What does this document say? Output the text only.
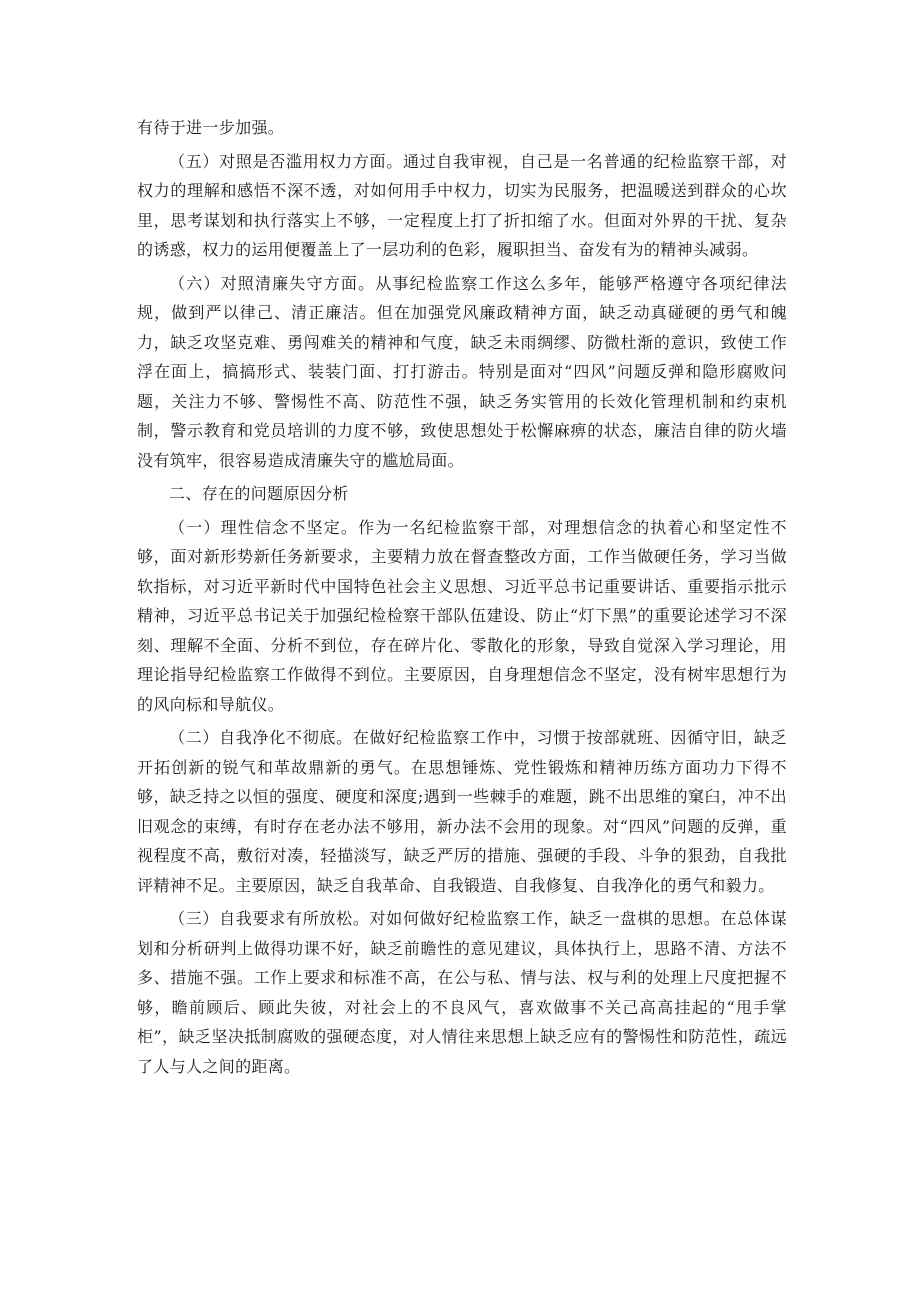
有待于进一步加强。

（五）对照是否滥用权力方面。通过自我审视，自己是一名普通的纪检监察干部，对权力的理解和感悟不深不透，对如何用手中权力，切实为民服务，把温暖送到群众的心坎里，思考谋划和执行落实上不够，一定程度上打了折扣缩了水。但面对外界的干扰、复杂的诱惑，权力的运用便覆盖上了一层功利的色彩，履职担当、奋发有为的精神头减弱。

（六）对照清廉失守方面。从事纪检监察工作这么多年，能够严格遵守各项纪律法规，做到严以律己、清正廉洁。但在加强党风廉政精神方面，缺乏动真碰硬的勇气和魄力，缺乏攻坚克难、勇闯难关的精神和气度，缺乏未雨绸缪、防微杜渐的意识，致使工作浮在面上，搞搞形式、装装门面、打打游击。特别是面对“四风”问题反弹和隐形腐败问题，关注力不够、警惕性不高、防范性不强，缺乏务实管用的长效化管理机制和约束机制，警示教育和党员培训的力度不够，致使思想处于松懈麻痹的状态，廉洁自律的防火墙没有筑牢，很容易造成清廉失守的尴尬局面。

二、存在的问题原因分析

（一）理性信念不坚定。作为一名纪检监察干部，对理想信念的执着心和坚定性不够，面对新形势新任务新要求，主要精力放在督查整改方面，工作当做硬任务，学习当做软指标，对习近平新时代中国特色社会主义思想、习近平总书记重要讲话、重要指示批示精神，习近平总书记关于加强纪检检察干部队伍建设、防止“灯下黑”的重要论述学习不深刻、理解不全面、分析不到位，存在碎片化、零散化的形象，导致自觉深入学习理论，用理论指导纪检监察工作做得不到位。主要原因，自身理想信念不坚定，没有树牢思想行为的风向标和导航仪。

（二）自我净化不彻底。在做好纪检监察工作中，习惯于按部就班、因循守旧，缺乏开拓创新的锐气和革故鼎新的勇气。在思想锤炼、党性锻炼和精神历练方面功力下得不够，缺乏持之以恒的强度、硬度和深度;遇到一些棘手的难题，跳不出思维的窠臼，冲不出旧观念的束缚，有时存在老办法不够用，新办法不会用的现象。对“四风”问题的反弹，重视程度不高，敷衍对凑，轻描淡写，缺乏严厉的措施、强硬的手段、斗争的狠劲，自我批评精神不足。主要原因，缺乏自我革命、自我锻造、自我修复、自我净化的勇气和毅力。

（三）自我要求有所放松。对如何做好纪检监察工作，缺乏一盘棋的思想。在总体谋划和分析研判上做得功课不好，缺乏前瞻性的意见建议，具体执行上，思路不清、方法不多、措施不强。工作上要求和标准不高，在公与私、情与法、权与利的处理上尺度把握不够，瞻前顾后、顾此失彼，对社会上的不良风气，喜欢做事不关己高高挂起的“甩手掌柜”，缺乏坚决抵制腐败的强硬态度，对人情往来思想上缺乏应有的警惕性和防范性，疏远了人与人之间的距离。
